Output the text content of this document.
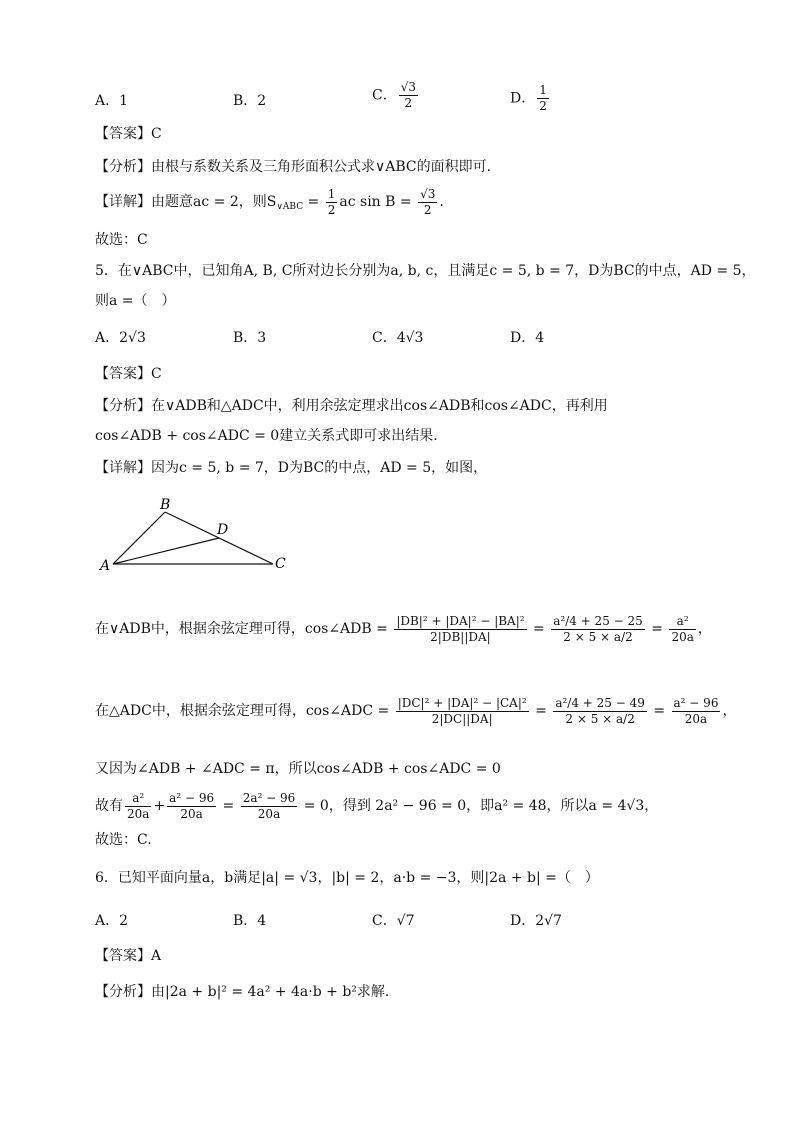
A．1	B．2	C． $\frac{√3}{2}$	D． $\frac{1}{2}$
【答案】C
【分析】由根与系数关系及三角形面积公式求∨ABC的面积即可.
【详解】由题意ac = 2，则$S_{\vee ABC} = \frac{1}{2}$ ac $\sin B = \frac{√3}{2}$ .
故选：C
5．在∨ABC中，已知角A, B, C所对边长分别为a, b, c，且满足c = 5, b = 7，D为BC的中点，AD = 5，
则a =（　）
A．2√3	B．3	C．4√3	D．4
【答案】C
【分析】在∨ADB和△ADC中，利用余弦定理求出cos∠ADB和cos∠ADC，再利用
cos∠ADB + cos∠ADC = 0建立关系式即可求出结果.
【详解】因为c = 5, b = 7，D为BC的中点，AD = 5，如图，
A
B
C
D
在∨ADB中，根据余弦定理可得，cos∠ADB = $\frac{\text{|DB|² + |DA|² − |BA|²}}{2|DB||DA|} = \frac{\text{a²/4 + 25 − 25}}{2 \times 5 \times a/2} = \frac{\text{a²}}{20a}$ ，
在△ADC中，根据余弦定理可得，cos∠ADC = $\frac{\text{|DC|² + |DA|² − |CA|²}}{2|DC||DA|} = \frac{\text{a²/4 + 25 − 49}}{2 \times 5 \times a/2} = \frac{\text{a² − 96}}{20a}$ ，
又因为∠ADB + ∠ADC = π，所以cos∠ADB + cos∠ADC = 0
故有 $\frac{\text{a²}}{20a} + \frac{\text{a² − 96}}{20a} = \frac{\text{2a² − 96}}{20a} = 0$，得到 2a² − 96 = 0，即a² = 48，所以a = 4√3，
故选：C.
6．已知平面向量a，b满足|a| = √3，|b| = 2，a·b = −3，则|2a + b| =（　）
A．2	B．4	C．√7	D．2√7
【答案】A
【分析】由|2a + b|² = 4a² + 4a·b + b²求解.
